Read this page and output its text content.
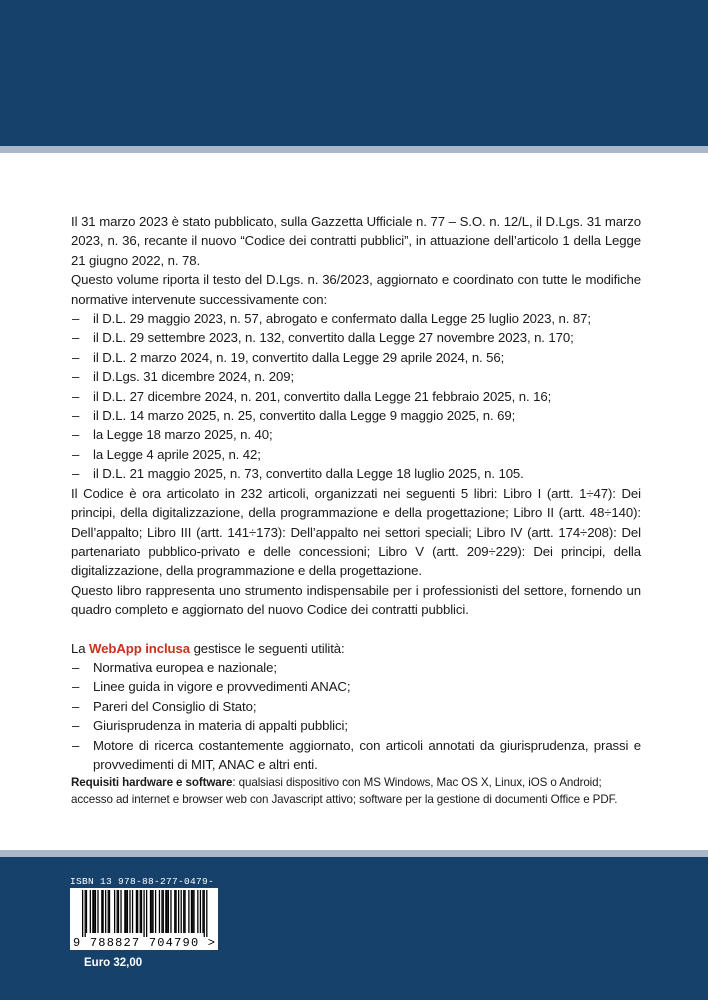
Il 31 marzo 2023 è stato pubblicato, sulla Gazzetta Ufficiale n. 77 – S.O. n. 12/L, il D.Lgs. 31 marzo 2023, n. 36, recante il nuovo “Codice dei contratti pubblici”, in attuazione dell’articolo 1 della Legge 21 giugno 2022, n. 78.

Questo volume riporta il testo del D.Lgs. n. 36/2023, aggiornato e coordinato con tutte le modifiche normative intervenute successivamente con:

– il D.L. 29 maggio 2023, n. 57, abrogato e confermato dalla Legge 25 luglio 2023, n. 87;
– il D.L. 29 settembre 2023, n. 132, convertito dalla Legge 27 novembre 2023, n. 170;
– il D.L. 2 marzo 2024, n. 19, convertito dalla Legge 29 aprile 2024, n. 56;
– il D.Lgs. 31 dicembre 2024, n. 209;
– il D.L. 27 dicembre 2024, n. 201, convertito dalla Legge 21 febbraio 2025, n. 16;
– il D.L. 14 marzo 2025, n. 25, convertito dalla Legge 9 maggio 2025, n. 69;
– la Legge 18 marzo 2025, n. 40;
– la Legge 4 aprile 2025, n. 42;
– il D.L. 21 maggio 2025, n. 73, convertito dalla Legge 18 luglio 2025, n. 105.

Il Codice è ora articolato in 232 articoli, organizzati nei seguenti 5 libri: Libro I (artt. 1÷47): Dei principi, della digitalizzazione, della programmazione e della progettazione; Libro II (artt. 48÷140): Dell’appalto; Libro III (artt. 141÷173): Dell’appalto nei settori speciali; Libro IV (artt. 174÷208): Del partenariato pubblico-privato e delle concessioni; Libro V (artt. 209÷229): Dei principi, della digitalizzazione, della programmazione e della progettazione.

Questo libro rappresenta uno strumento indispensabile per i professionisti del settore, fornendo un quadro completo e aggiornato del nuovo Codice dei contratti pubblici.

La WebApp inclusa gestisce le seguenti utilità:

– Normativa europea e nazionale;
– Linee guida in vigore e provvedimenti ANAC;
– Pareri del Consiglio di Stato;
– Giurisprudenza in materia di appalti pubblici;
– Motore di ricerca costantemente aggiornato, con articoli annotati da giurisprudenza, prassi e provvedimenti di MIT, ANAC e altri enti.

Requisiti hardware e software: qualsiasi dispositivo con MS Windows, Mac OS X, Linux, iOS o Android; accesso ad internet e browser web con Javascript attivo; software per la gestione di documenti Office e PDF.

ISBN 13 978-88-277-0479-
9 788827 704790 >
Euro 32,00
